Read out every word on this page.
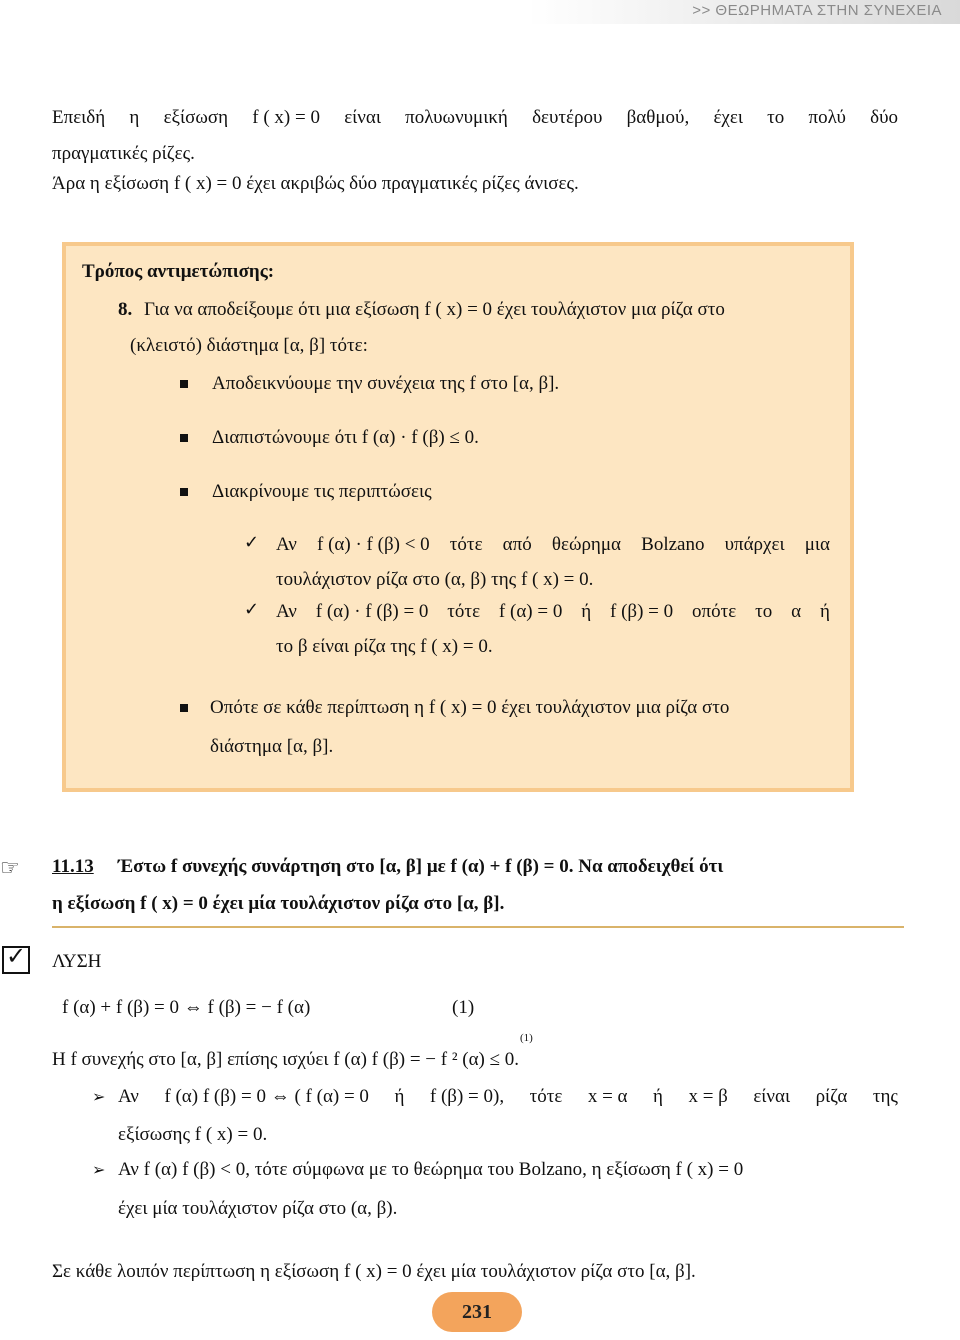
>> ΘΕΩΡΗΜΑΤΑ ΣΤΗΝ ΣΥΝΕΧΕΙΑ
Επειδή η εξίσωση f ( x) = 0 είναι πολυωνυμική δευτέρου βαθμού, έχει το πολύ δύο
πραγματικές ρίζες.
Άρα η εξίσωση f ( x) = 0 έχει ακριβώς δύο πραγματικές ρίζες άνισες.
Τρόπος αντιμετώπισης:
8. Για να αποδείξουμε ότι μια εξίσωση f ( x) = 0 έχει τουλάχιστον μια ρίζα στο
(κλειστό) διάστημα [α, β] τότε:
Αποδεικνύουμε την συνέχεια της f στο [α, β].
Διαπιστώνουμε ότι f (α) · f (β) ≤ 0.
Διακρίνουμε τις περιπτώσεις
✓ Αν f (α) · f (β) < 0 τότε από θεώρημα Bolzano υπάρχει μια
τουλάχιστον ρίζα στο (α, β) της f ( x) = 0.
✓ Αν f (α) · f (β) = 0 τότε f (α) = 0 ή f (β) = 0 οπότε το α ή
το β είναι ρίζα της f ( x) = 0.
Οπότε σε κάθε περίπτωση η f ( x) = 0 έχει τουλάχιστον μια ρίζα στο
διάστημα [α, β].
☞ 11.13 Έστω f συνεχής συνάρτηση στο [α, β] με f (α) + f (β) = 0. Να αποδειχθεί ότι
η εξίσωση f ( x) = 0 έχει μία τουλάχιστον ρίζα στο [α, β].
✓ ΛΥΣΗ
f (α) + f (β) = 0 ⇔ f (β) = − f (α)	(1)
(1)
Η f συνεχής στο [α, β] επίσης ισχύει f (α) f (β) = − f ² (α) ≤ 0.
➢ Αν f (α) f (β) = 0 ⇔ ( f (α) = 0 ή f (β) = 0), τότε x = α ή x = β είναι ρίζα της
εξίσωσης f ( x) = 0.
➢ Αν f (α) f (β) < 0, τότε σύμφωνα με το θεώρημα του Bolzano, η εξίσωση f ( x) = 0
έχει μία τουλάχιστον ρίζα στο (α, β).
Σε κάθε λοιπόν περίπτωση η εξίσωση f ( x) = 0 έχει μία τουλάχιστον ρίζα στο [α, β].
231
